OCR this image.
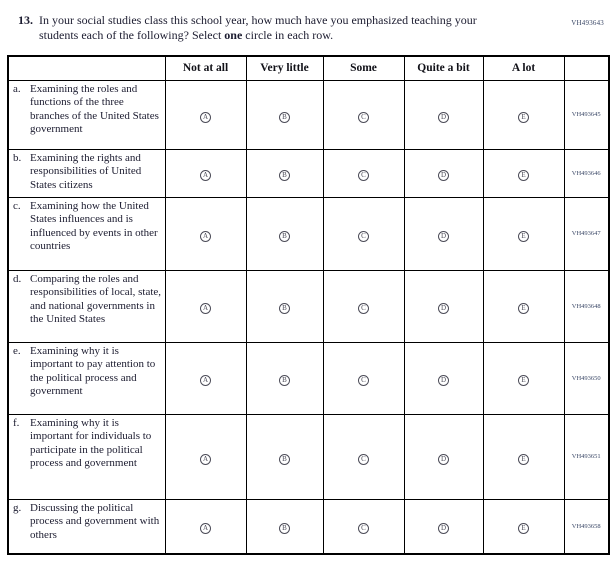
VH493643
13. In your social studies class this school year, how much have you emphasized teaching your students each of the following? Select one circle in each row.
	Not at all	Very little	Some	Quite a bit	A lot	

a. Examining the roles and functions of the three branches of the United States government	A	B	C	D	E	VH493645

b. Examining the rights and responsibilities of United States citizens	A	B	C	D	E	VH493646

c. Examining how the United States influences and is influenced by events in other countries	A	B	C	D	E	VH493647

d. Comparing the roles and responsibilities of local, state, and national governments in the United States	A	B	C	D	E	VH493648

e. Examining why it is important to pay attention to the political process and government	A	B	C	D	E	VH493650

f. Examining why it is important for individuals to participate in the political process and government	A	B	C	D	E	VH493651

g. Discussing the political process and government with others	A	B	C	D	E	VH493658
